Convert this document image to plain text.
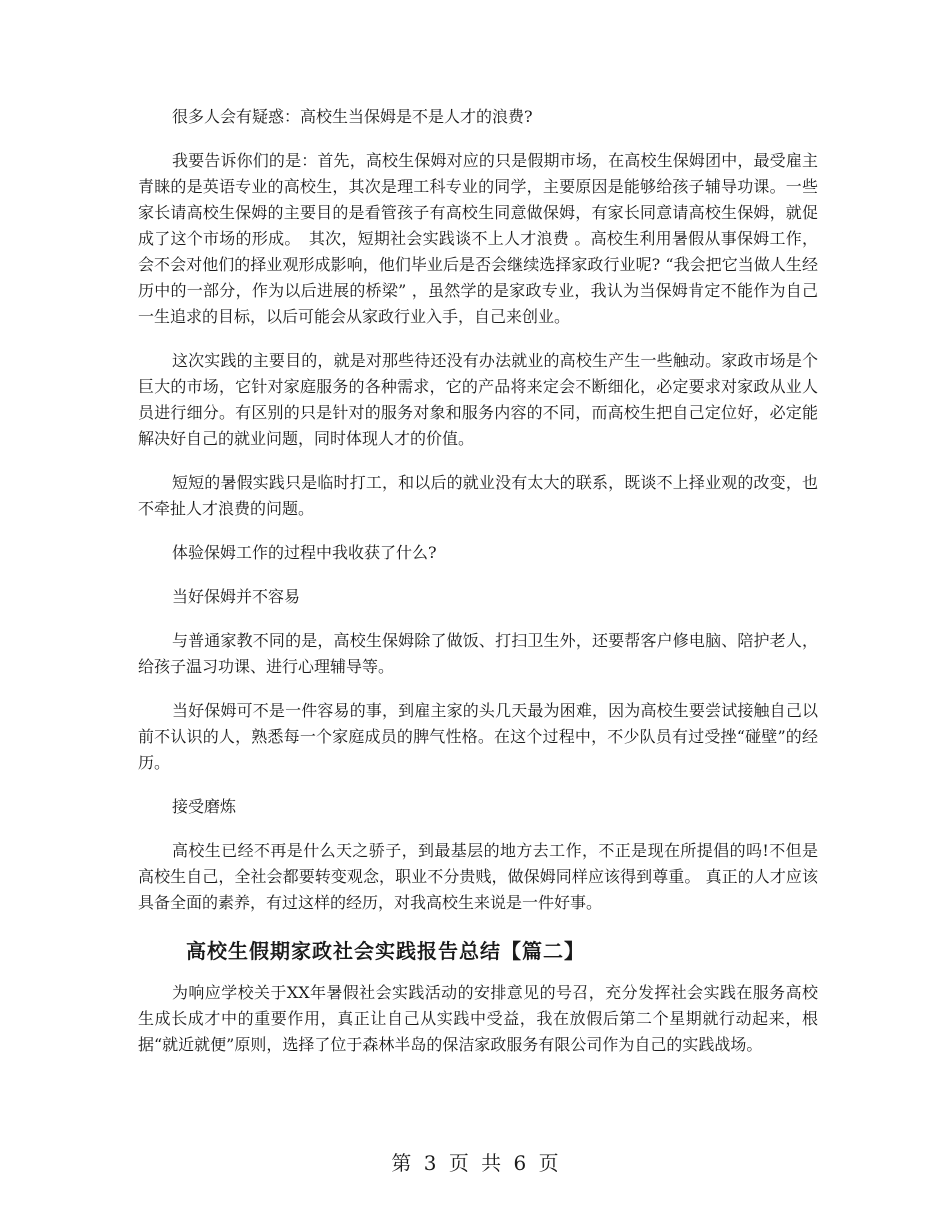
很多人会有疑惑：高校生当保姆是不是人才的浪费?

我要告诉你们的是：首先，高校生保姆对应的只是假期市场，在高校生保姆团中，最受雇主青睐的是英语专业的高校生，其次是理工科专业的同学，主要原因是能够给孩子辅导功课。一些家长请高校生保姆的主要目的是看管孩子有高校生同意做保姆，有家长同意请高校生保姆，就促成了这个市场的形成。　其次，短期社会实践谈不上人才浪费 。高校生利用暑假从事保姆工作，会不会对他们的择业观形成影响，他们毕业后是否会继续选择家政行业呢? “我会把它当做人生经历中的一部分，作为以后进展的桥梁” ，虽然学的是家政专业，我认为当保姆肯定不能作为自己一生追求的目标，以后可能会从家政行业入手，自己来创业。

这次实践的主要目的，就是对那些待还没有办法就业的高校生产生一些触动。家政市场是个巨大的市场，它针对家庭服务的各种需求，它的产品将来定会不断细化，必定要求对家政从业人员进行细分。有区别的只是针对的服务对象和服务内容的不同，而高校生把自己定位好，必定能解决好自己的就业问题，同时体现人才的价值。

短短的暑假实践只是临时打工，和以后的就业没有太大的联系，既谈不上择业观的改变，也不牵扯人才浪费的问题。

体验保姆工作的过程中我收获了什么?

当好保姆并不容易

与普通家教不同的是，高校生保姆除了做饭、打扫卫生外，还要帮客户修电脑、陪护老人，给孩子温习功课、进行心理辅导等。

当好保姆可不是一件容易的事，到雇主家的头几天最为困难，因为高校生要尝试接触自己以前不认识的人，熟悉每一个家庭成员的脾气性格。在这个过程中，不少队员有过受挫“碰壁”的经历。

接受磨炼

高校生已经不再是什么天之骄子，到最基层的地方去工作，不正是现在所提倡的吗!不但是高校生自己，全社会都要转变观念，职业不分贵贱，做保姆同样应该得到尊重。 真正的人才应该具备全面的素养，有过这样的经历，对我高校生来说是一件好事。

高校生假期家政社会实践报告总结【篇二】

为响应学校关于XX年暑假社会实践活动的安排意见的号召，充分发挥社会实践在服务高校生成长成才中的重要作用，真正让自己从实践中受益，我在放假后第二个星期就行动起来，根据“就近就便”原则，选择了位于森林半岛的保洁家政服务有限公司作为自己的实践战场。

第 3 页 共 6 页
